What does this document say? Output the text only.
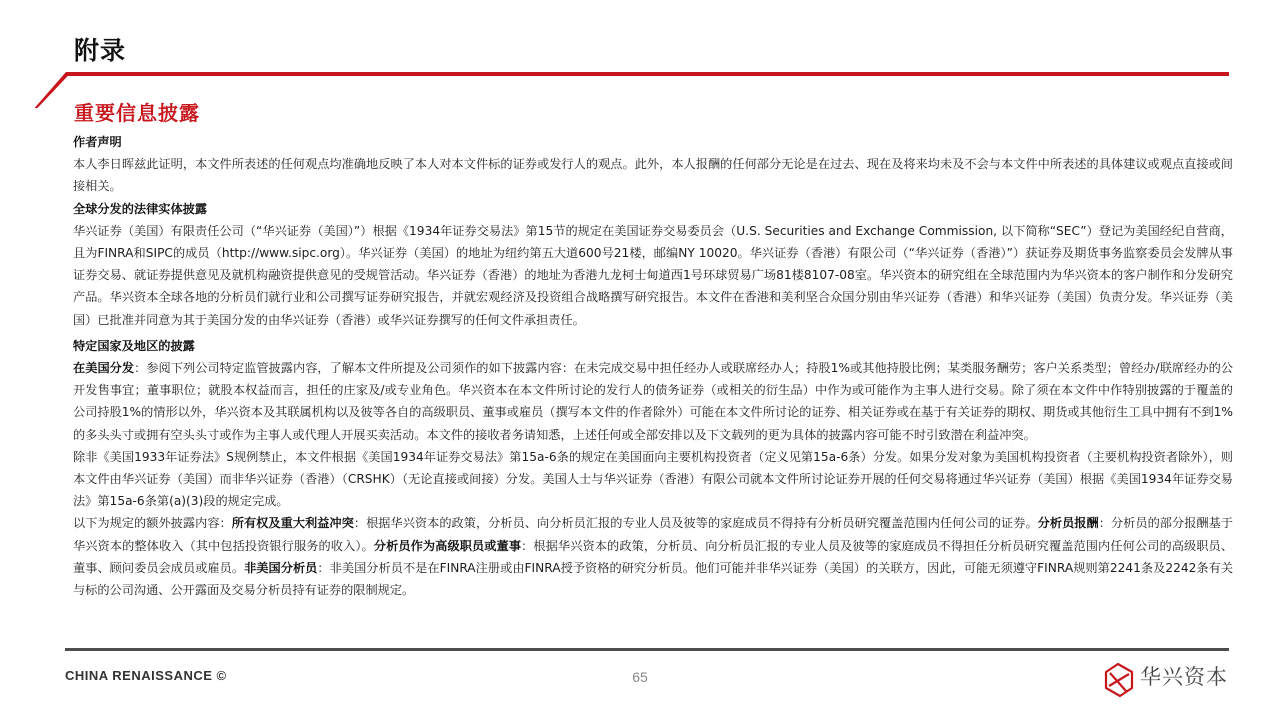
附录
重要信息披露

作者声明

本人李日晖兹此证明，本文件所表述的任何观点均准确地反映了本人对本文件标的证券或发行人的观点。此外，本人报酬的任何部分无论是在过去、现在及将来均未及不会与本文件中所表述的具体建议或观点直接或间接相关。

全球分发的法律实体披露

华兴证券（美国）有限责任公司（“华兴证券（美国）”）根据《1934年证券交易法》第15节的规定在美国证券交易委员会（U.S. Securities and Exchange Commission, 以下简称“SEC”）登记为美国经纪自营商，且为FINRA和SIPC的成员（http://www.sipc.org）。华兴证券（美国）的地址为纽约第五大道600号21楼，邮编NY 10020。华兴证券（香港）有限公司（“华兴证券（香港）”）获证券及期货事务监察委员会发牌从事证券交易、就证券提供意见及就机构融资提供意见的受规管活动。华兴证券（香港）的地址为香港九龙柯士甸道西1号环球贸易广场81楼8107-08室。华兴资本的研究组在全球范围内为华兴资本的客户制作和分发研究产品。华兴资本全球各地的分析员们就行业和公司撰写证券研究报告，并就宏观经济及投资组合战略撰写研究报告。本文件在香港和美利坚合众国分别由华兴证券（香港）和华兴证券（美国）负责分发。华兴证券（美国）已批准并同意为其于美国分发的由华兴证券（香港）或华兴证券撰写的任何文件承担责任。

特定国家及地区的披露

在美国分发：参阅下列公司特定监管披露内容，了解本文件所提及公司须作的如下披露内容：在未完成交易中担任经办人或联席经办人；持股1%或其他持股比例；某类服务酬劳；客户关系类型；曾经办/联席经办的公开发售事宜；董事职位；就股本权益而言，担任的庄家及/或专业角色。华兴资本在本文件所讨论的发行人的债务证券（或相关的衍生品）中作为或可能作为主事人进行交易。除了须在本文件中作特别披露的于覆盖的公司持股1%的情形以外，华兴资本及其联属机构以及彼等各自的高级职员、董事或雇员（撰写本文件的作者除外）可能在本文件所讨论的证券、相关证券或在基于有关证券的期权、期货或其他衍生工具中拥有不到1%的多头头寸或拥有空头头寸或作为主事人或代理人开展买卖活动。本文件的接收者务请知悉，上述任何或全部安排以及下文载列的更为具体的披露内容可能不时引致潜在利益冲突。

除非《美国1933年证券法》S规例禁止，本文件根据《美国1934年证券交易法》第15a-6条的规定在美国面向主要机构投资者（定义见第15a-6条）分发。如果分发对象为美国机构投资者（主要机构投资者除外），则本文件由华兴证券（美国）而非华兴证券（香港）（CRSHK）（无论直接或间接）分发。美国人士与华兴证券（香港）有限公司就本文件所讨论证券开展的任何交易将通过华兴证券（美国）根据《美国1934年证券交易法》第15a-6条第(a)(3)段的规定完成。

以下为规定的额外披露内容：所有权及重大利益冲突：根据华兴资本的政策，分析员、向分析员汇报的专业人员及彼等的家庭成员不得持有分析员研究覆盖范围内任何公司的证券。分析员报酬：分析员的部分报酬基于华兴资本的整体收入（其中包括投资银行服务的收入）。分析员作为高级职员或董事：根据华兴资本的政策，分析员、向分析员汇报的专业人员及彼等的家庭成员不得担任分析员研究覆盖范围内任何公司的高级职员、董事、顾问委员会成员或雇员。非美国分析员：非美国分析员不是在FINRA注册或由FINRA授予资格的研究分析员。他们可能并非华兴证券（美国）的关联方，因此，可能无须遵守FINRA规则第2241条及2242条有关与标的公司沟通、公开露面及交易分析员持有证券的限制规定。

CHINA RENAISSANCE ©	65	华兴资本
